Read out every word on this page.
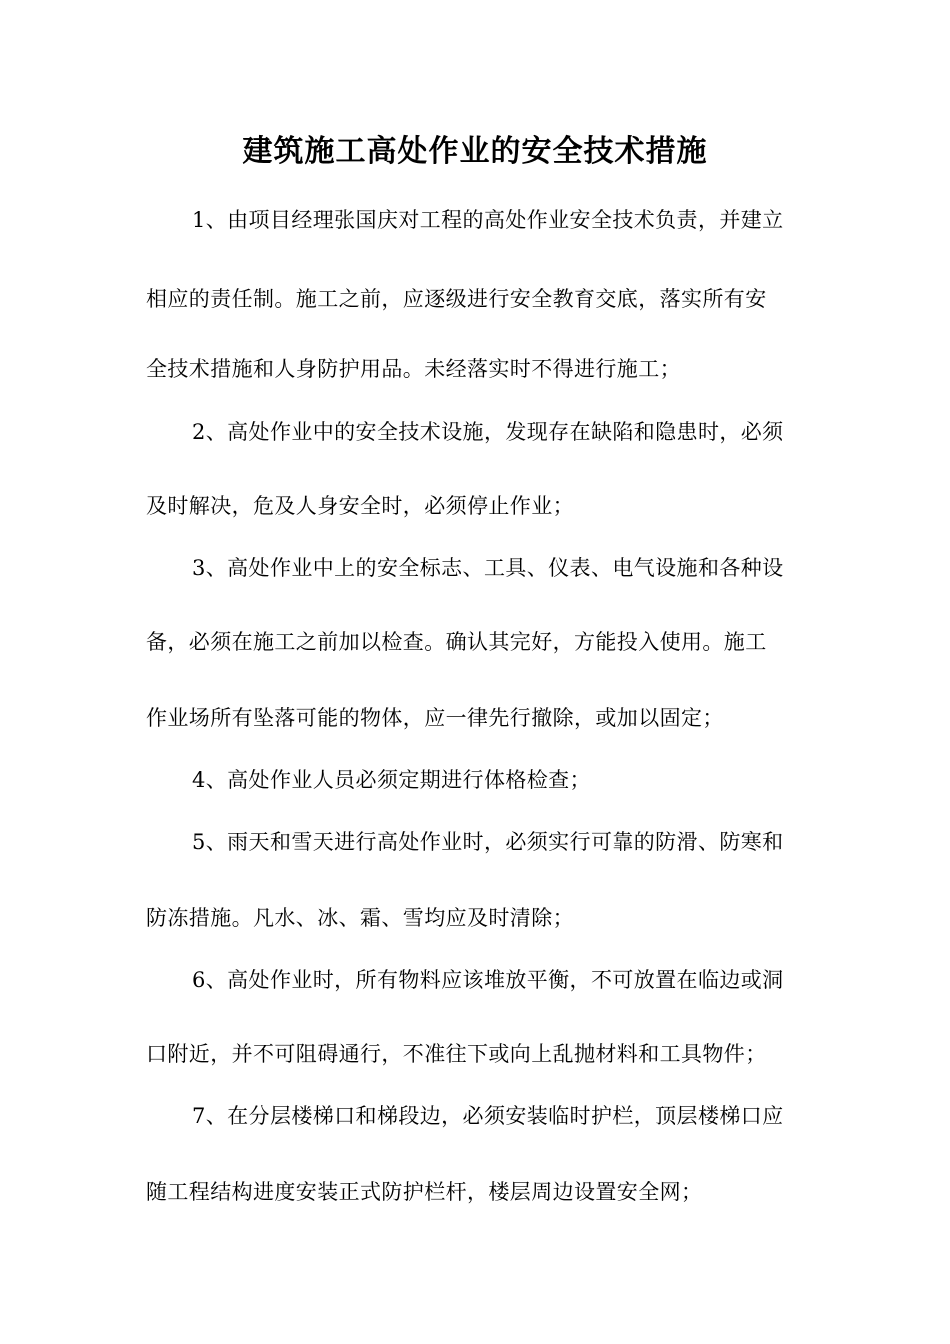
建筑施工高处作业的安全技术措施
1、由项目经理张国庆对工程的高处作业安全技术负责，并建立
相应的责任制。施工之前，应逐级进行安全教育交底，落实所有安
全技术措施和人身防护用品。未经落实时不得进行施工；
2、高处作业中的安全技术设施，发现存在缺陷和隐患时，必须
及时解决，危及人身安全时，必须停止作业；
3、高处作业中上的安全标志、工具、仪表、电气设施和各种设
备，必须在施工之前加以检查。确认其完好，方能投入使用。施工
作业场所有坠落可能的物体，应一律先行撤除，或加以固定；
4、高处作业人员必须定期进行体格检查；
5、雨天和雪天进行高处作业时，必须实行可靠的防滑、防寒和
防冻措施。凡水、冰、霜、雪均应及时清除；
6、高处作业时，所有物料应该堆放平衡，不可放置在临边或洞
口附近，并不可阻碍通行，不准往下或向上乱抛材料和工具物件；
7、在分层楼梯口和梯段边，必须安装临时护栏，顶层楼梯口应
随工程结构进度安装正式防护栏杆，楼层周边设置安全网；
